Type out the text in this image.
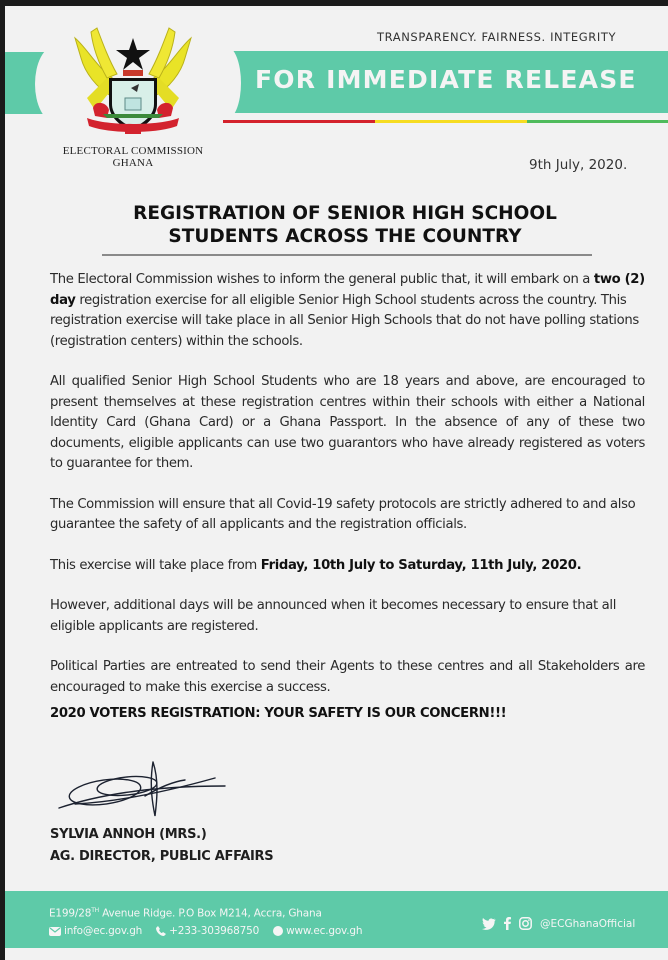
ELECTORAL COMMISSION
GHANA
TRANSPARENCY. FAIRNESS. INTEGRITY
FOR IMMEDIATE RELEASE
9th July, 2020.
REGISTRATION OF SENIOR HIGH SCHOOL
STUDENTS ACROSS THE COUNTRY

The Electoral Commission wishes to inform the general public that, it will embark on a two (2) day registration exercise for all eligible Senior High School students across the country. This registration exercise will take place in all Senior High Schools that do not have polling stations (registration centers) within the schools.

All qualified Senior High School Students who are 18 years and above, are encouraged to present themselves at these registration centres within their schools with either a National Identity Card (Ghana Card) or a Ghana Passport. In the absence of any of these two documents, eligible applicants can use two guarantors who have already registered as voters to guarantee for them.

The Commission will ensure that all Covid-19 safety protocols are strictly adhered to and also guarantee the safety of all applicants and the registration officials.

This exercise will take place from Friday, 10th July to Saturday, 11th July, 2020.

However, additional days will be announced when it becomes necessary to ensure that all eligible applicants are registered.

Political Parties are entreated to send their Agents to these centres and all Stakeholders are encouraged to make this exercise a success.

2020 VOTERS REGISTRATION: YOUR SAFETY IS OUR CONCERN!!!

SYLVIA ANNOH (MRS.)
AG. DIRECTOR, PUBLIC AFFAIRS
E199/28TH Avenue Ridge. P.O Box M214, Accra, Ghana
info@ec.gov.gh	+233-303968750	www.ec.gov.gh
@ECGhanaOfficial
